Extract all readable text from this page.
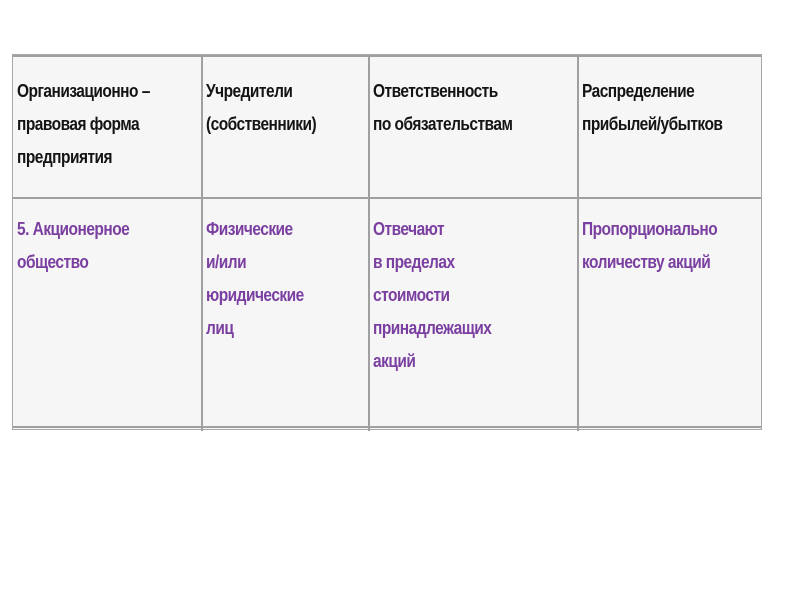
Организационно –
правовая форма
предприятия
Учредители
(собственники)
Ответственность
по обязательствам
Распределение
прибылей/убытков
5. Акционерное
общество
Физические
и/или
юридические
лиц
Отвечают
в пределах
стоимости
принадлежащих
акций
Пропорционально
количеству акций
